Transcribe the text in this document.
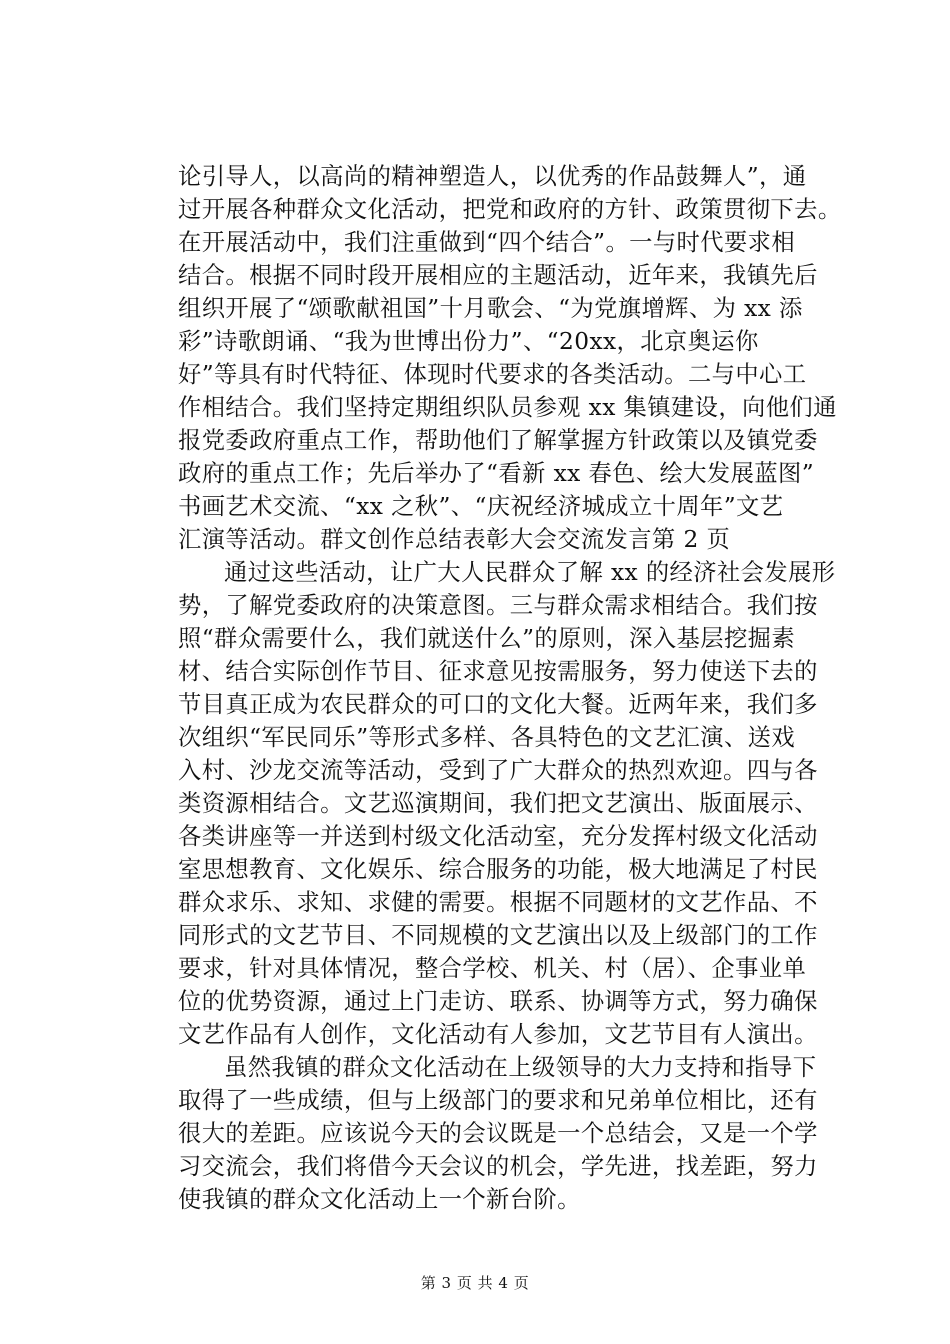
论引导人，以高尚的精神塑造人，以优秀的作品鼓舞人”，通
过开展各种群众文化活动，把党和政府的方针、政策贯彻下去。
在开展活动中，我们注重做到“四个结合”。一与时代要求相
结合。根据不同时段开展相应的主题活动，近年来，我镇先后
组织开展了“颂歌献祖国”十月歌会、“为党旗增辉、为 xx 添
彩”诗歌朗诵、“我为世博出份力”、“20xx，北京奥运你
好”等具有时代特征、体现时代要求的各类活动。二与中心工
作相结合。我们坚持定期组织队员参观 xx 集镇建设，向他们通
报党委政府重点工作，帮助他们了解掌握方针政策以及镇党委
政府的重点工作；先后举办了“看新 xx 春色、绘大发展蓝图”
书画艺术交流、“xx 之秋”、“庆祝经济城成立十周年”文艺
汇演等活动。群文创作总结表彰大会交流发言第 2 页
通过这些活动，让广大人民群众了解 xx 的经济社会发展形
势，了解党委政府的决策意图。三与群众需求相结合。我们按
照“群众需要什么，我们就送什么”的原则，深入基层挖掘素
材、结合实际创作节目、征求意见按需服务，努力使送下去的
节目真正成为农民群众的可口的文化大餐。近两年来，我们多
次组织“军民同乐”等形式多样、各具特色的文艺汇演、送戏
入村、沙龙交流等活动，受到了广大群众的热烈欢迎。四与各
类资源相结合。文艺巡演期间，我们把文艺演出、版面展示、
各类讲座等一并送到村级文化活动室，充分发挥村级文化活动
室思想教育、文化娱乐、综合服务的功能，极大地满足了村民
群众求乐、求知、求健的需要。根据不同题材的文艺作品、不
同形式的文艺节目、不同规模的文艺演出以及上级部门的工作
要求，针对具体情况，整合学校、机关、村（居）、企事业单
位的优势资源，通过上门走访、联系、协调等方式，努力确保
文艺作品有人创作，文化活动有人参加，文艺节目有人演出。
虽然我镇的群众文化活动在上级领导的大力支持和指导下
取得了一些成绩，但与上级部门的要求和兄弟单位相比，还有
很大的差距。应该说今天的会议既是一个总结会，又是一个学
习交流会，我们将借今天会议的机会，学先进，找差距，努力
使我镇的群众文化活动上一个新台阶。
第 3 页 共 4 页
